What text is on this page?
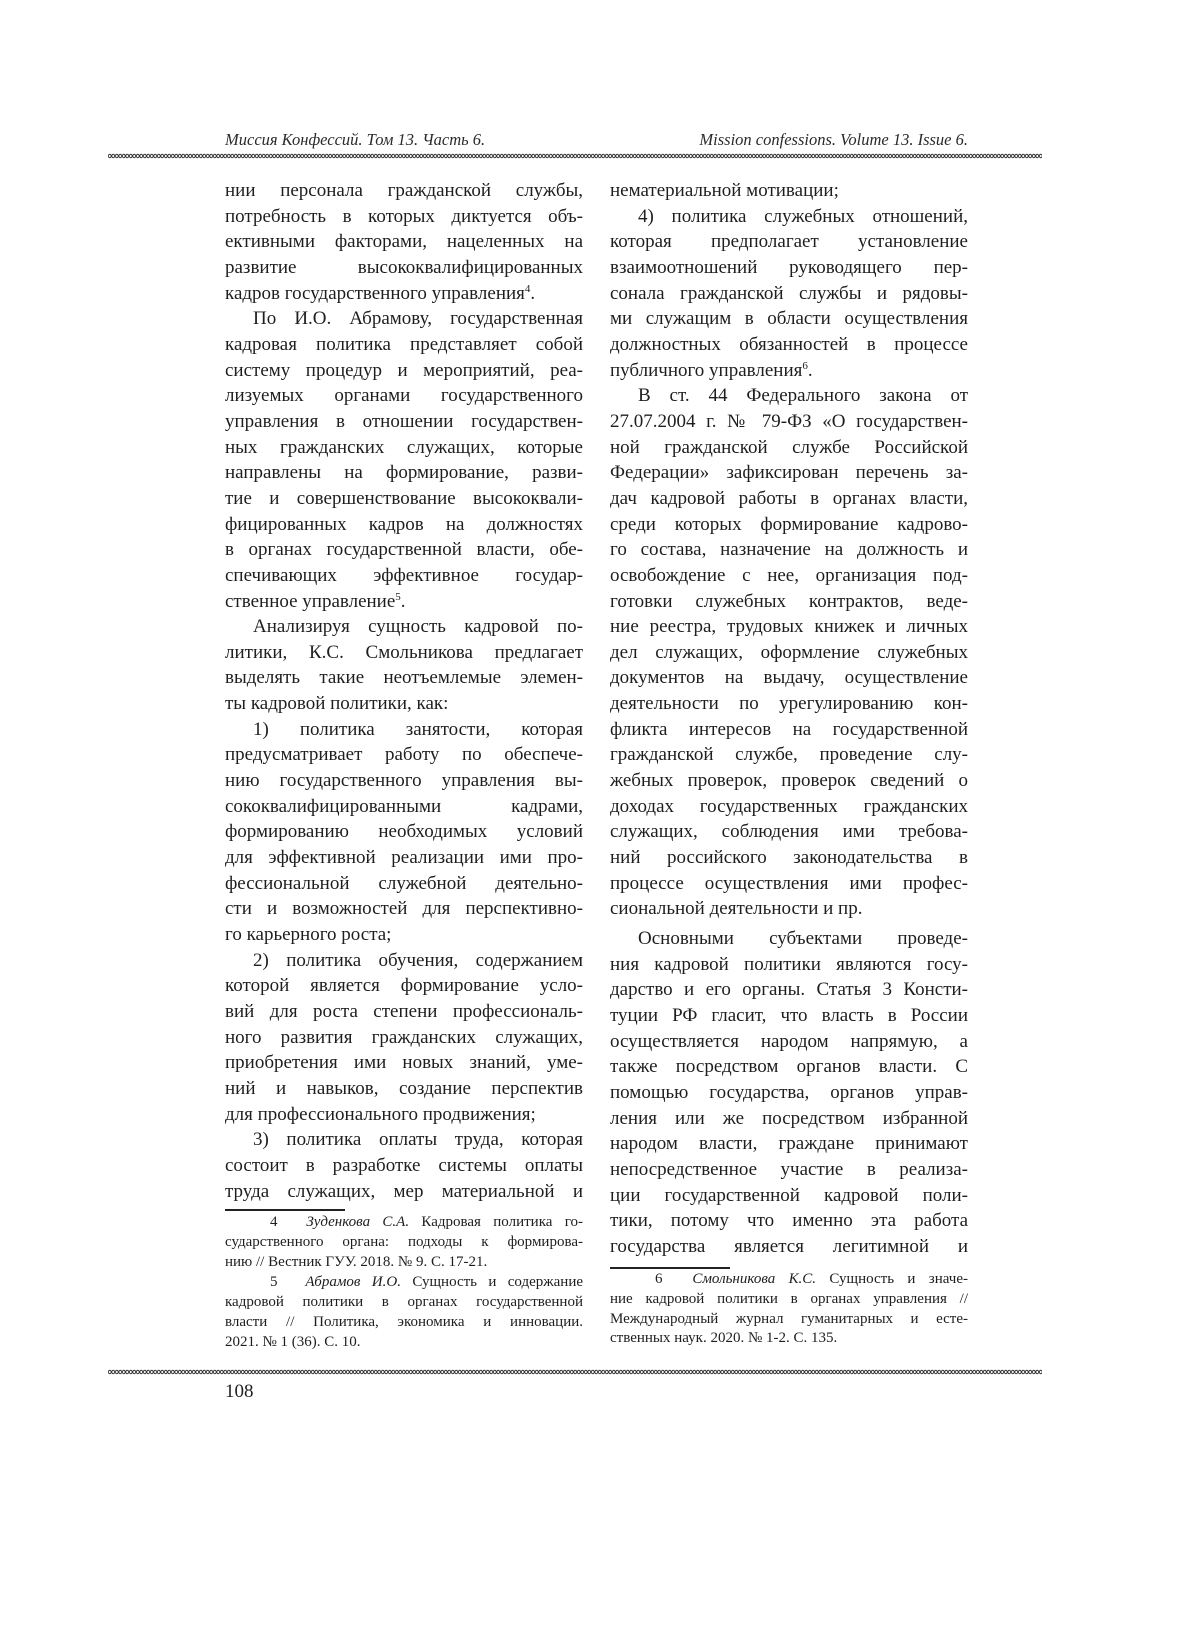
Миссия Конфессий. Том 13. Часть 6.	Mission confessions. Volume 13. Issue 6.
нии персонала гражданской службы,
потребность в которых диктуется объ-
ективными факторами, нацеленных на
развитие высококвалифицированных
кадров государственного управления$^4$.
По И.О. Абрамову, государственная
кадровая политика представляет собой
систему процедур и мероприятий, реа-
лизуемых органами государственного
управления в отношении государствен-
ных гражданских служащих, которые
направлены на формирование, разви-
тие и совершенствование высококвали-
фицированных кадров на должностях
в органах государственной власти, обе-
спечивающих эффективное государ-
ственное управление$^5$.
Анализируя сущность кадровой по-
литики, К.С. Смольникова предлагает
выделять такие неотъемлемые элемен-
ты кадровой политики, как:
1) политика занятости, которая
предусматривает работу по обеспече-
нию государственного управления вы-
сококвалифицированными кадрами,
формированию необходимых условий
для эффективной реализации ими про-
фессиональной служебной деятельно-
сти и возможностей для перспективно-
го карьерного роста;
2) политика обучения, содержанием
которой является формирование усло-
вий для роста степени профессиональ-
ного развития гражданских служащих,
приобретения ими новых знаний, уме-
ний и навыков, создание перспектив
для профессионального продвижения;
3) политика оплаты труда, которая
состоит в разработке системы оплаты
труда служащих, мер материальной и
4 Зуденкова С.А. Кадровая политика го-
сударственного органа: подходы к формирова-
нию // Вестник ГУУ. 2018. № 9. С. 17-21.
5 Абрамов И.О. Сущность и содержание
кадровой политики в органах государственной
власти // Политика, экономика и инновации.
2021. № 1 (36). С. 10.
нематериальной мотивации;
4) политика служебных отношений,
которая предполагает установление
взаимоотношений руководящего пер-
сонала гражданской службы и рядовы-
ми служащим в области осуществления
должностных обязанностей в процессе
публичного управления$^6$.
В ст. 44 Федерального закона от
27.07.2004 г. № 79-ФЗ «О государствен-
ной гражданской службе Российской
Федерации» зафиксирован перечень за-
дач кадровой работы в органах власти,
среди которых формирование кадрово-
го состава, назначение на должность и
освобождение с нее, организация под-
готовки служебных контрактов, веде-
ние реестра, трудовых книжек и личных
дел служащих, оформление служебных
документов на выдачу, осуществление
деятельности по урегулированию кон-
фликта интересов на государственной
гражданской службе, проведение слу-
жебных проверок, проверок сведений о
доходах государственных гражданских
служащих, соблюдения ими требова-
ний российского законодательства в
процессе осуществления ими профес-
сиональной деятельности и пр.
Основными субъектами проведе-
ния кадровой политики являются госу-
дарство и его органы. Статья 3 Консти-
туции РФ гласит, что власть в России
осуществляется народом напрямую, а
также посредством органов власти. С
помощью государства, органов управ-
ления или же посредством избранной
народом власти, граждане принимают
непосредственное участие в реализа-
ции государственной кадровой поли-
тики, потому что именно эта работа
государства является легитимной и
6 Смольникова К.С. Сущность и значе-
ние кадровой политики в органах управления //
Международный журнал гуманитарных и есте-
ственных наук. 2020. № 1-2. С. 135.
108
